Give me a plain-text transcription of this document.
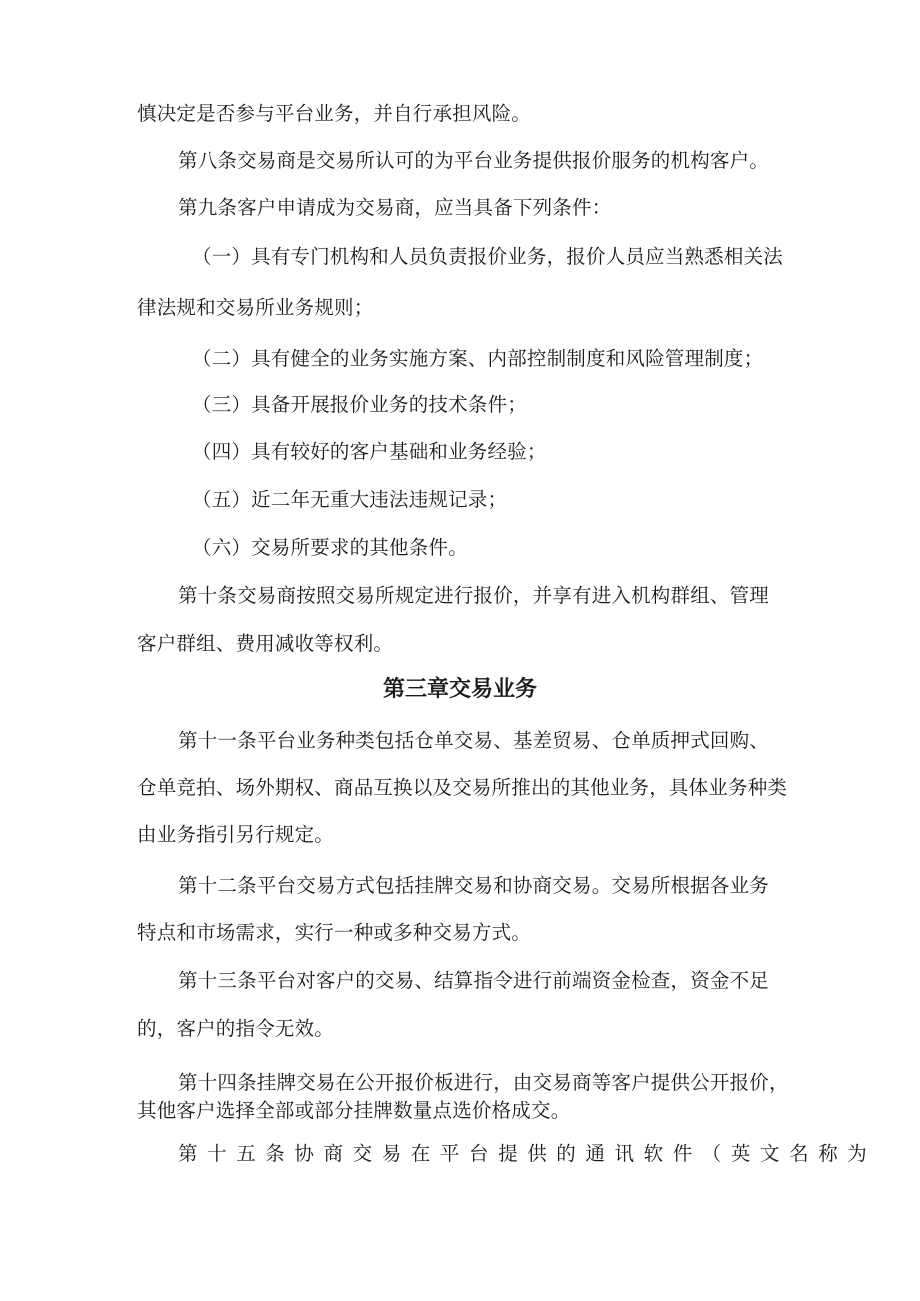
慎决定是否参与平台业务，并自行承担风险。
第八条交易商是交易所认可的为平台业务提供报价服务的机构客户。
第九条客户申请成为交易商，应当具备下列条件：
（一）具有专门机构和人员负责报价业务，报价人员应当熟悉相关法
律法规和交易所业务规则；
（二）具有健全的业务实施方案、内部控制制度和风险管理制度；
（三）具备开展报价业务的技术条件；
（四）具有较好的客户基础和业务经验；
（五）近二年无重大违法违规记录；
（六）交易所要求的其他条件。
第十条交易商按照交易所规定进行报价，并享有进入机构群组、管理
客户群组、费用减收等权利。
第三章交易业务
第十一条平台业务种类包括仓单交易、基差贸易、仓单质押式回购、
仓单竞拍、场外期权、商品互换以及交易所推出的其他业务，具体业务种类
由业务指引另行规定。
第十二条平台交易方式包括挂牌交易和协商交易。交易所根据各业务
特点和市场需求，实行一种或多种交易方式。
第十三条平台对客户的交易、结算指令进行前端资金检查，资金不足
的，客户的指令无效。
第十四条挂牌交易在公开报价板进行，由交易商等客户提供公开报价，
其他客户选择全部或部分挂牌数量点选价格成交。
第十五条协商交易在平台提供的通讯软件（英文名称为
